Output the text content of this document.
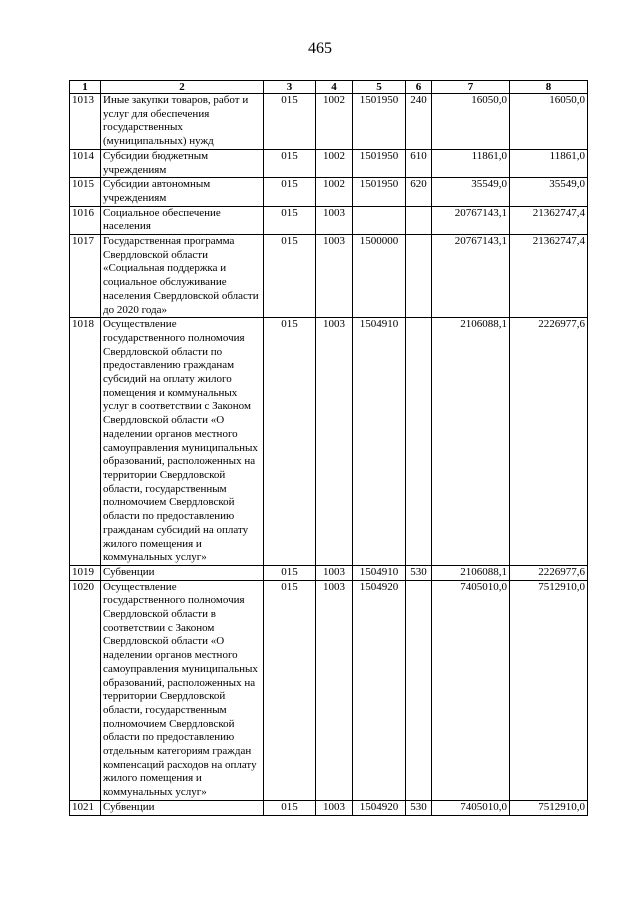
465
1	2	3	4	5	6	7	8
1013	Иные закупки товаров, работ и услуг для обеспечения государственных (муниципальных) нужд	015	1002	1501950	240	16050,0	16050,0
1014	Субсидии бюджетным учреждениям	015	1002	1501950	610	11861,0	11861,0
1015	Субсидии автономным учреждениям	015	1002	1501950	620	35549,0	35549,0
1016	Социальное обеспечение населения	015	1003			20767143,1	21362747,4
1017	Государственная программа Свердловской области «Социальная поддержка и социальное обслуживание населения Свердловской области до 2020 года»	015	1003	1500000		20767143,1	21362747,4
1018	Осуществление государственного полномочия Свердловской области по предоставлению гражданам субсидий на оплату жилого помещения и коммунальных услуг в соответствии с Законом Свердловской области «О наделении органов местного самоуправления муниципальных образований, расположенных на территории Свердловской области, государственным полномочием Свердловской области по предоставлению гражданам субсидий на оплату жилого помещения и коммунальных услуг»	015	1003	1504910		2106088,1	2226977,6
1019	Субвенции	015	1003	1504910	530	2106088,1	2226977,6
1020	Осуществление государственного полномочия Свердловской области в соответствии с Законом Свердловской области «О наделении органов местного самоуправления муниципальных образований, расположенных на территории Свердловской области, государственным полномочием Свердловской области по предоставлению отдельным категориям граждан компенсаций расходов на оплату жилого помещения и коммунальных услуг»	015	1003	1504920		7405010,0	7512910,0
1021	Субвенции	015	1003	1504920	530	7405010,0	7512910,0
